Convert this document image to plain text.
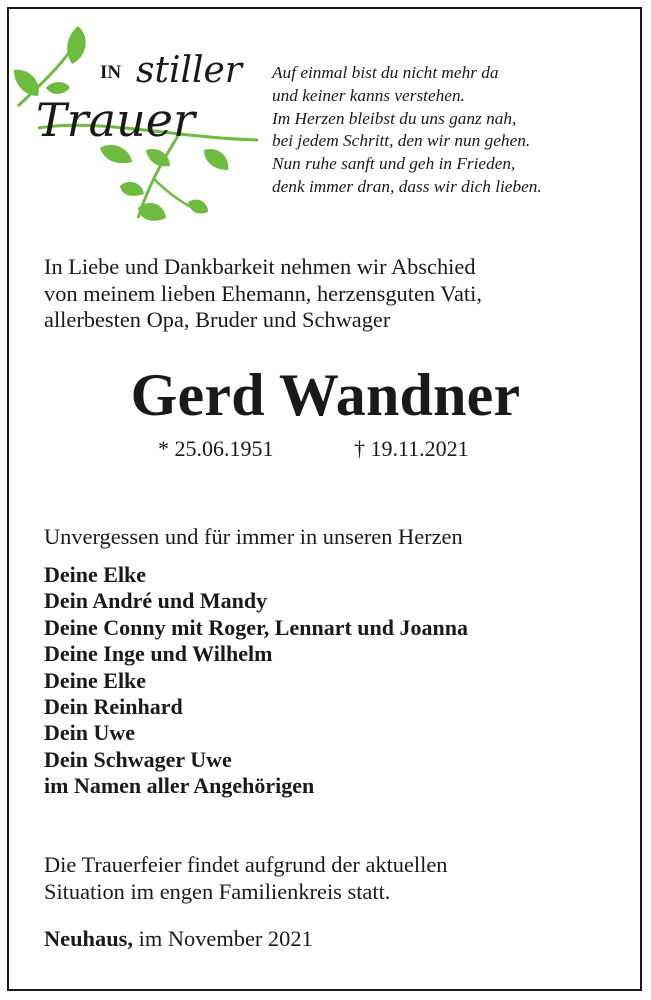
IN stiller
Trauer
Auf einmal bist du nicht mehr da
und keiner kanns verstehen.
Im Herzen bleibst du uns ganz nah,
bei jedem Schritt, den wir nun gehen.
Nun ruhe sanft und geh in Frieden,
denk immer dran, dass wir dich lieben.
In Liebe und Dankbarkeit nehmen wir Abschied
von meinem lieben Ehemann, herzensguten Vati,
allerbesten Opa, Bruder und Schwager
Gerd Wandner
* 25.06.1951	† 19.11.2021
Unvergessen und für immer in unseren Herzen
Deine Elke
Dein André und Mandy
Deine Conny mit Roger, Lennart und Joanna
Deine Inge und Wilhelm
Deine Elke
Dein Reinhard
Dein Uwe
Dein Schwager Uwe
im Namen aller Angehörigen
Die Trauerfeier findet aufgrund der aktuellen
Situation im engen Familienkreis statt.
Neuhaus, im November 2021
